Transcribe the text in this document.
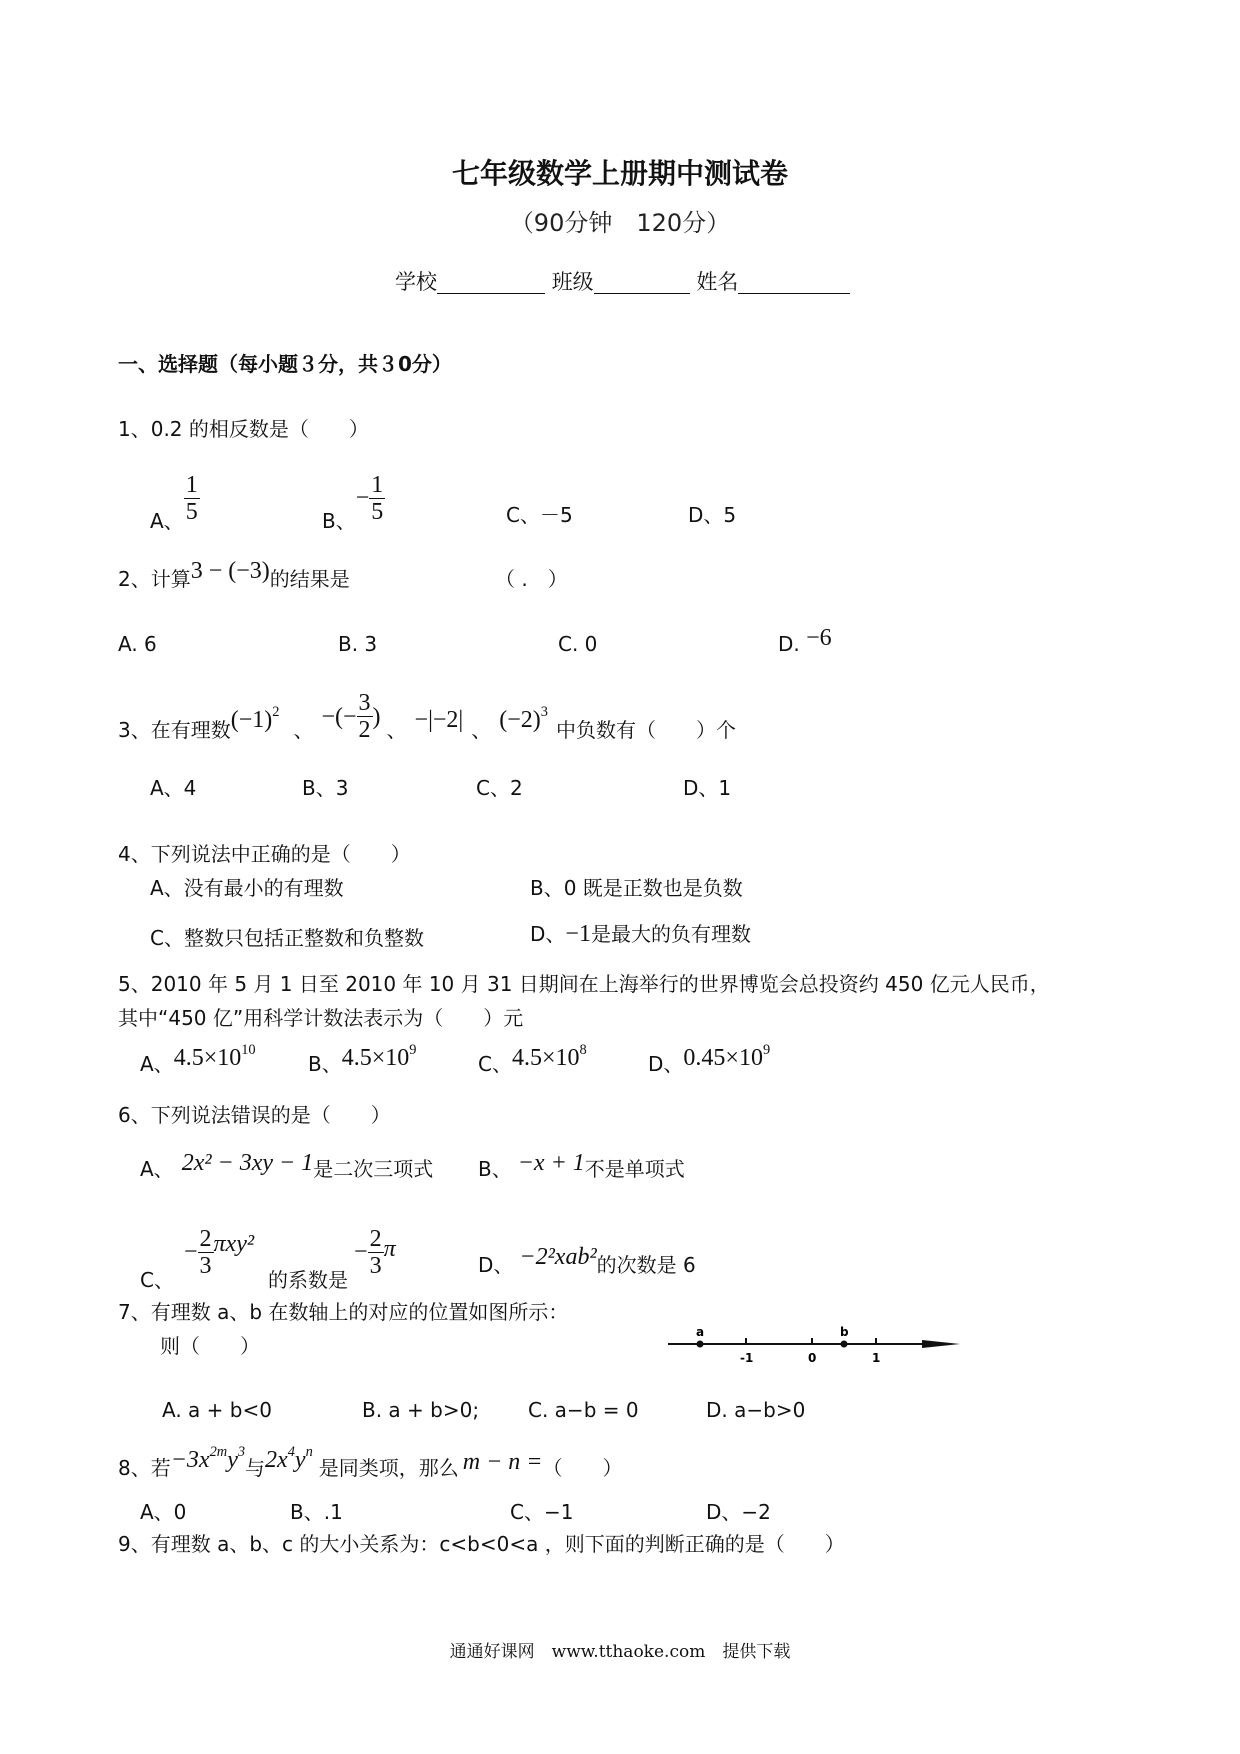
七年级数学上册期中测试卷
（90分钟　120分）
学校	班级	姓名
一、选择题（每小题３分，共３0分）
1、0.2 的相反数是（　　）
A、 $\frac{1}{5}$	B、
− $\frac{1}{5}$	C、－5	D、5
2、计算3 − (−3)的结果是	（ .　）
A. 6	B. 3	C. 0	D. −6
3、在有理数 $(-1)^2$
、 −(− $\frac{3}{2}$ ) 、 −|−2| 、 $(-2)^3$
中负数有（　　）个
A、4	B、3	C、2	D、1
4、下列说法中正确的是（　　）
A、没有最小的有理数	B、0 既是正数也是负数
C、整数只包括正整数和负整数	D、−1是最大的负有理数
5、2010 年 5 月 1 日至 2010 年 10 月 31 日期间在上海举行的世界博览会总投资约 450 亿元人民币，
其中“450 亿”用科学计数法表示为（　　）元
A、$4.5\times 10^{10}$
B、$4.5\times 10^9$
C、$4.5\times 10^8$
D、$0.45\times 10^9$
6、下列说法错误的是（　　）
A、 2x² − 3xy − 1是二次三项式 B、 −x + 1不是单项式
C、
− $\frac{2}{3} \pi xy^2$
的系数是
− $\frac{2}{3}$ π
D、 −2²xab²的次数是 6
7、有理数 a、b 在数轴上的对应的位置如图所示：
则（　　）
a	b
-1	0	1
A. a + b<0	B. a + b>0; C. a−b = 0	D. a−b>0
8、若$-3x^{2m}y^3$与$2x^4y^n$是同类项，那么 m − n =（　　）
A、0	B、.1	C、−1	D、−2
9、有理数 a、b、c 的大小关系为：c<b<0<a ，则下面的判断正确的是（　　）
通通好课网　www.tthaoke.com　提供下载
